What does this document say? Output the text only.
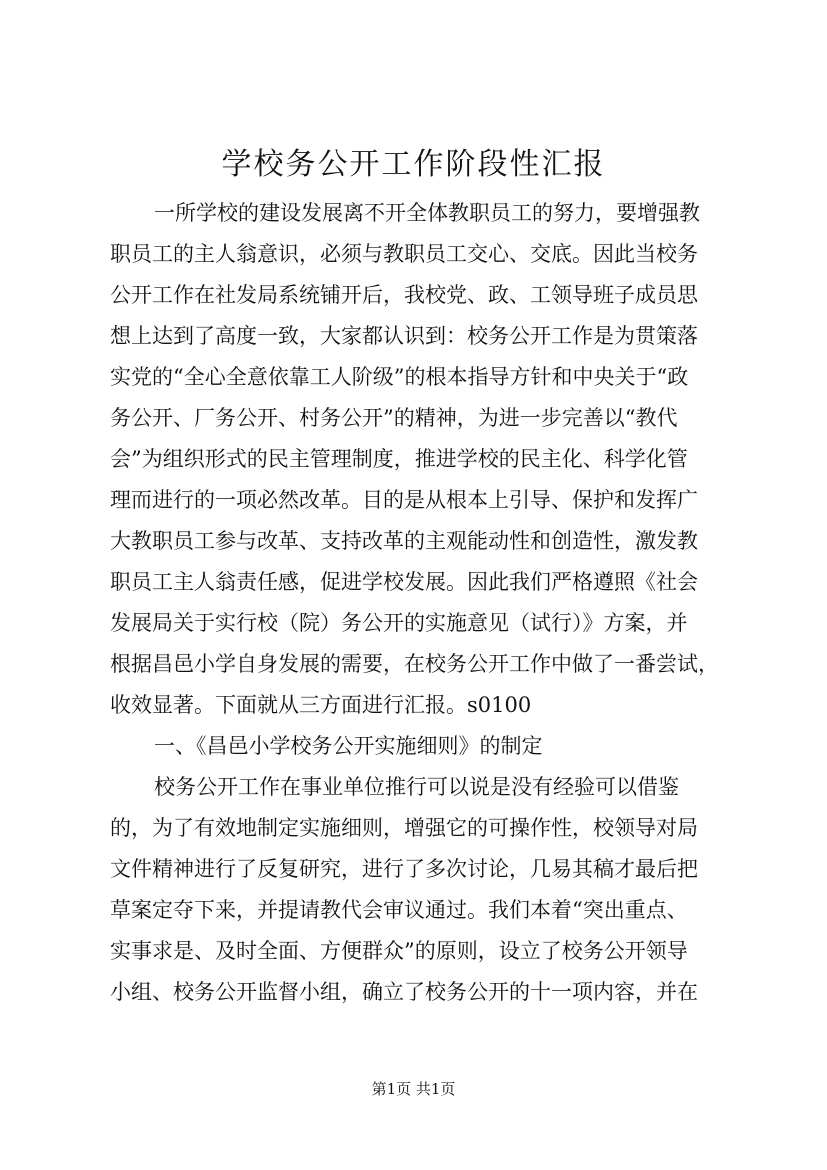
学校务公开工作阶段性汇报
一所学校的建设发展离不开全体教职员工的努力，要增强教
职员工的主人翁意识，必须与教职员工交心、交底。因此当校务
公开工作在社发局系统铺开后，我校党、政、工领导班子成员思
想上达到了高度一致，大家都认识到：校务公开工作是为贯策落
实党的“全心全意依靠工人阶级”的根本指导方针和中央关于“政
务公开、厂务公开、村务公开”的精神，为进一步完善以“教代
会”为组织形式的民主管理制度，推进学校的民主化、科学化管
理而进行的一项必然改革。目的是从根本上引导、保护和发挥广
大教职员工参与改革、支持改革的主观能动性和创造性，激发教
职员工主人翁责任感，促进学校发展。因此我们严格遵照《社会
发展局关于实行校（院）务公开的实施意见（试行）》方案，并
根据昌邑小学自身发展的需要，在校务公开工作中做了一番尝试，
收效显著。下面就从三方面进行汇报。s0100
一、《昌邑小学校务公开实施细则》的制定
校务公开工作在事业单位推行可以说是没有经验可以借鉴
的，为了有效地制定实施细则，增强它的可操作性，校领导对局
文件精神进行了反复研究，进行了多次讨论，几易其稿才最后把
草案定夺下来，并提请教代会审议通过。我们本着“突出重点、
实事求是、及时全面、方便群众”的原则，设立了校务公开领导
小组、校务公开监督小组，确立了校务公开的十一项内容，并在
第1页 共1页
